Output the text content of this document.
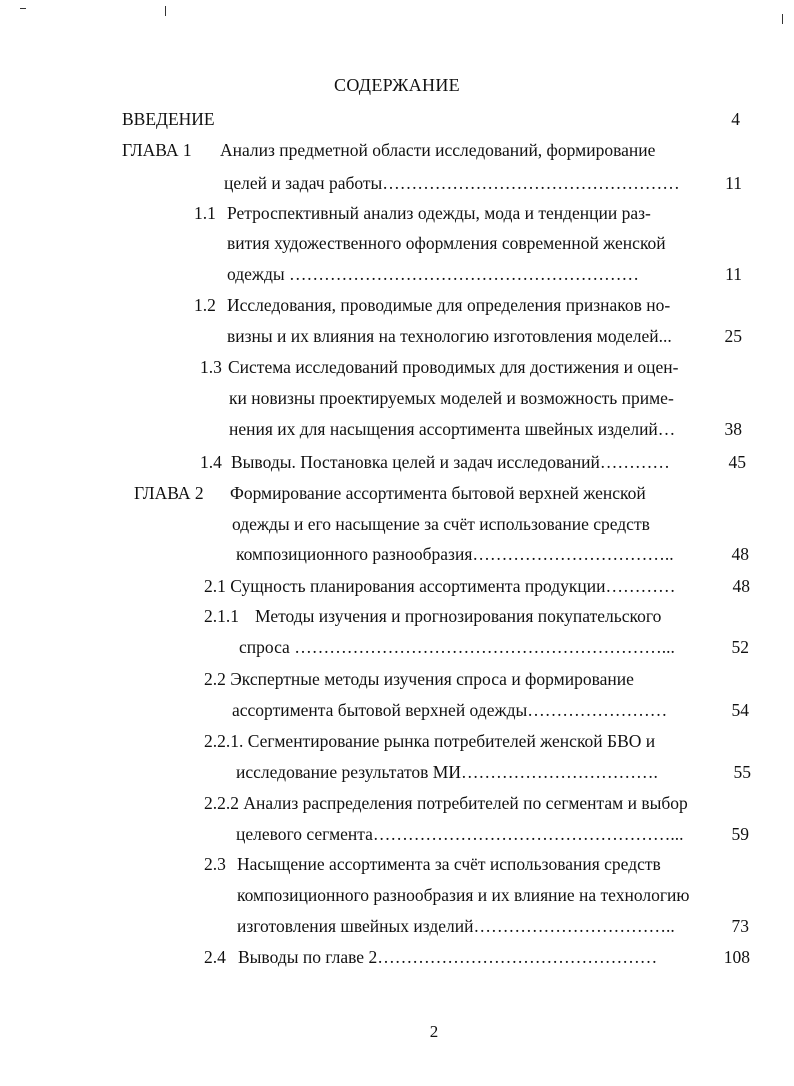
СОДЕРЖАНИЕ
ВВЕДЕНИЕ	4
ГЛАВА 1 Анализ предметной области исследований, формирование
целей и задач работы……………………………………………	11
1.1 Ретроспективный анализ одежды, мода и тенденции раз-
вития художественного оформления современной женской
одежды ……………………………………………………	11
1.2 Исследования, проводимые для определения признаков но-
визны и их влияния на технологию изготовления моделей...	25
1.3 Система исследований проводимых для достижения и оцен-
ки новизны проектируемых моделей и возможность приме-
нения их для насыщения ассортимента швейных изделий…	38
1.4 Выводы. Постановка целей и задач исследований…………	45
ГЛАВА 2 Формирование ассортимента бытовой верхней женской
одежды и его насыщение за счёт использование средств
композиционного разнообразия……………………………..	48
2.1 Сущность планирования ассортимента продукции…………	48
2.1.1 Методы изучения и прогнозирования покупательского
спроса ………………………………………………………...	52
2.2 Экспертные методы изучения спроса и формирование
ассортимента бытовой верхней одежды……………………	54
2.2.1. Сегментирование рынка потребителей женской БВО и
исследование результатов МИ…………………………….	55
2.2.2 Анализ распределения потребителей по сегментам и выбор
целевого сегмента……………………………………………...	59
2.3 Насыщение ассортимента за счёт использования средств
композиционного разнообразия и их влияние на технологию
изготовления швейных изделий……………………………..	73
2.4 Выводы по главе 2…………………………………………	108
2
